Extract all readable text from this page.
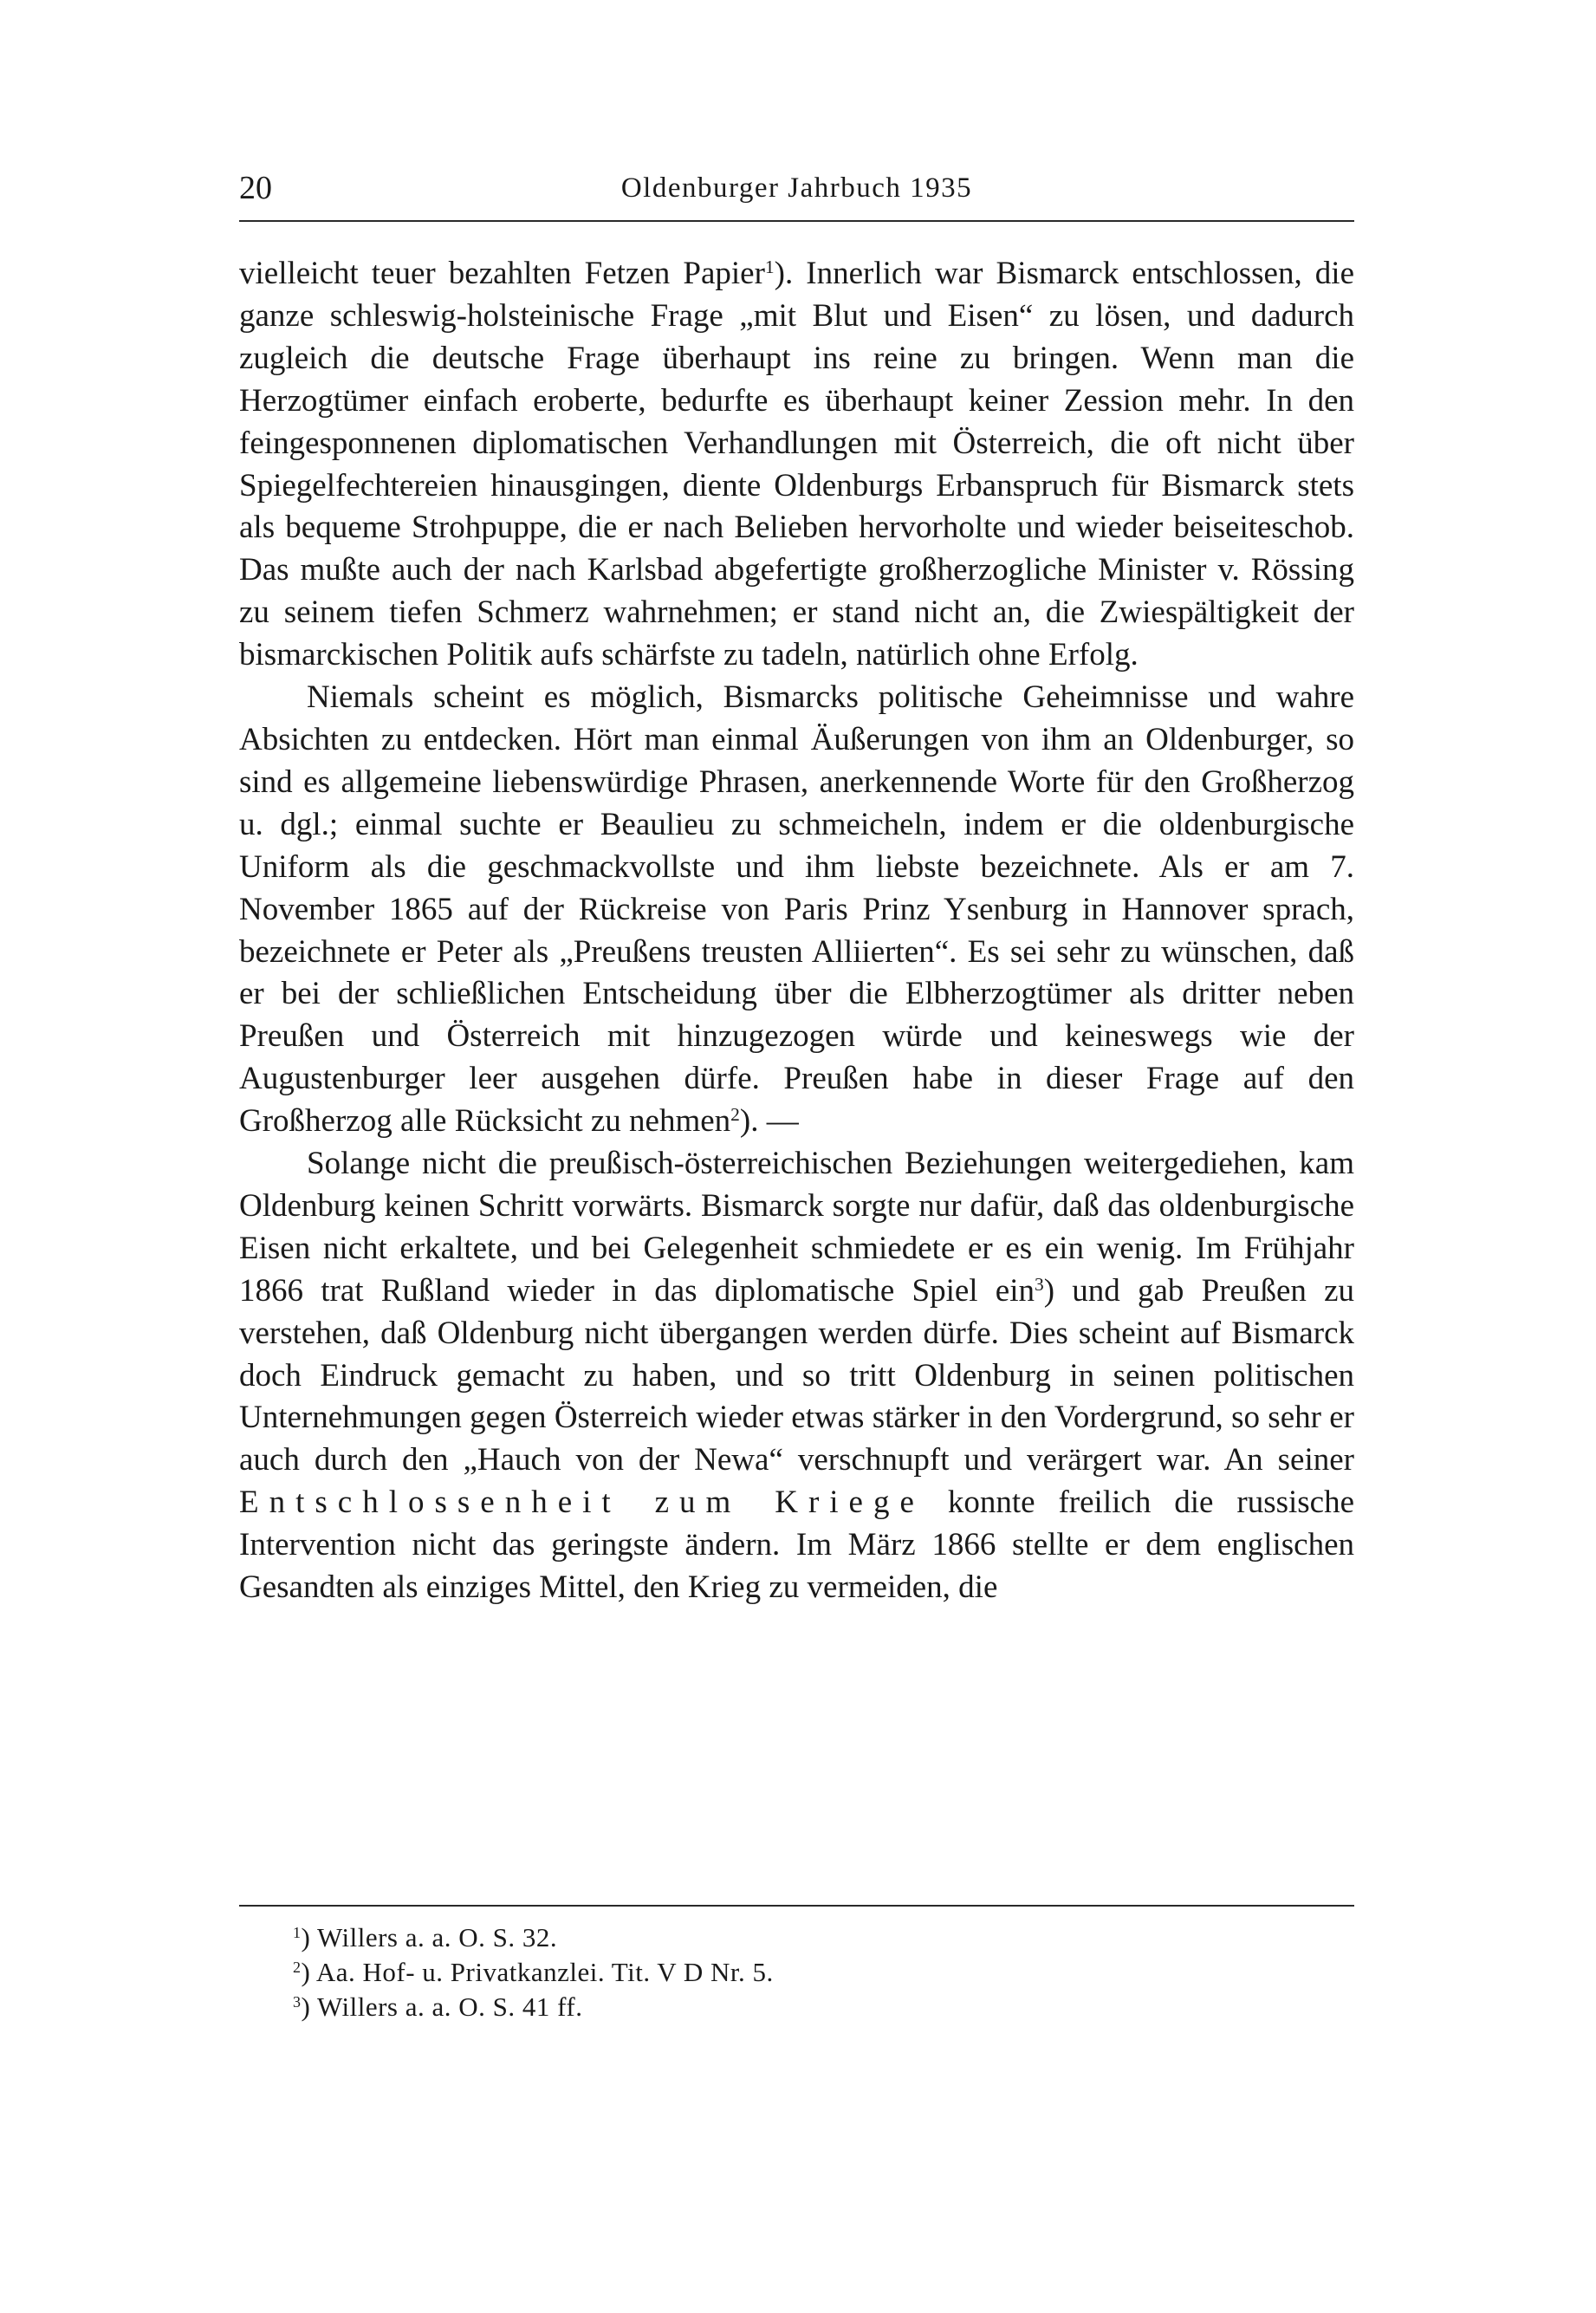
20	Oldenburger Jahrbuch 1935

vielleicht teuer bezahlten Fetzen Papier$^1$). Innerlich war Bismarck entschlossen, die ganze schleswig-holsteinische Frage „mit Blut und Eisen“ zu lösen, und dadurch zugleich die deutsche Frage überhaupt ins reine zu bringen. Wenn man die Herzogtümer einfach eroberte, bedurfte es überhaupt keiner Zession mehr. In den feingesponnenen diplomatischen Verhandlungen mit Österreich, die oft nicht über Spiegelfechtereien hinausgingen, diente Oldenburgs Erbanspruch für Bismarck stets als bequeme Strohpuppe, die er nach Belieben hervorholte und wieder beiseiteschob. Das mußte auch der nach Karlsbad abgefertigte großherzogliche Minister v. Rössing zu seinem tiefen Schmerz wahrnehmen; er stand nicht an, die Zwiespältigkeit der bismarckischen Politik aufs schärfste zu tadeln, natürlich ohne Erfolg.

Niemals scheint es möglich, Bismarcks politische Geheimnisse und wahre Absichten zu entdecken. Hört man einmal Äußerungen von ihm an Oldenburger, so sind es allgemeine liebenswürdige Phrasen, anerkennende Worte für den Großherzog u. dgl.; einmal suchte er Beaulieu zu schmeicheln, indem er die oldenburgische Uniform als die geschmackvollste und ihm liebste bezeichnete. Als er am 7. November 1865 auf der Rückreise von Paris Prinz Ysenburg in Hannover sprach, bezeichnete er Peter als „Preußens treusten Alliierten“. Es sei sehr zu wünschen, daß er bei der schließlichen Entscheidung über die Elbherzogtümer als dritter neben Preußen und Österreich mit hinzugezogen würde und keineswegs wie der Augustenburger leer ausgehen dürfe. Preußen habe in dieser Frage auf den Großherzog alle Rücksicht zu nehmen$^2$). —

Solange nicht die preußisch-österreichischen Beziehungen weitergediehen, kam Oldenburg keinen Schritt vorwärts. Bismarck sorgte nur dafür, daß das oldenburgische Eisen nicht erkaltete, und bei Gelegenheit schmiedete er es ein wenig. Im Frühjahr 1866 trat Rußland wieder in das diplomatische Spiel ein$^3$) und gab Preußen zu verstehen, daß Oldenburg nicht übergangen werden dürfe. Dies scheint auf Bismarck doch Eindruck gemacht zu haben, und so tritt Oldenburg in seinen politischen Unternehmungen gegen Österreich wieder etwas stärker in den Vordergrund, so sehr er auch durch den „Hauch von der Newa“ verschnupft und verärgert war. An seiner Entschlossenheit zum Kriege konnte freilich die russische Intervention nicht das geringste ändern. Im März 1866 stellte er dem englischen Gesandten als einziges Mittel, den Krieg zu vermeiden, die

$^1$) Willers a. a. O. S. 32.
$^2$) Aa. Hof- u. Privatkanzlei. Tit. V D Nr. 5.
$^3$) Willers a. a. O. S. 41 ff.
